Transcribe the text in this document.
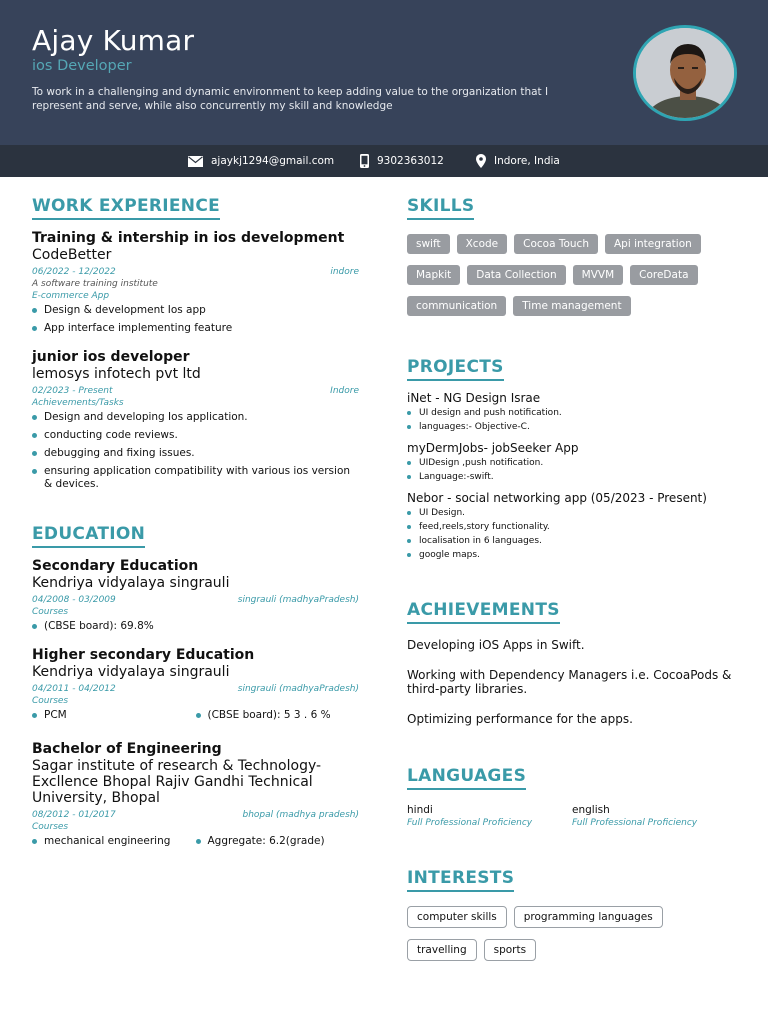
Ajay Kumar
ios Developer
To work in a challenging and dynamic environment to keep adding value to the organization that I represent and serve, while also concurrently my skill and knowledge
ajaykj1294@gmail.com	9302363012	Indore, India
WORK EXPERIENCE
Training & intership in ios development
CodeBetter
06/2022 - 12/2022	indore
A software training institute
E-commerce App
Design & development Ios app
App interface implementing feature
junior ios developer
lemosys infotech pvt ltd
02/2023 - Present	Indore
Achievements/Tasks
Design and developing Ios application.
conducting code reviews.
debugging and fixing issues.
ensuring application compatibility with various ios version & devices.
EDUCATION
Secondary Education
Kendriya vidyalaya singrauli
04/2008 - 03/2009	singrauli (madhyaPradesh)
Courses
(CBSE board): 69.8%
Higher secondary Education
Kendriya vidyalaya singrauli
04/2011 - 04/2012	singrauli (madhyaPradesh)
Courses
PCM	(CBSE board): 5 3 . 6 %
Bachelor of Engineering
Sagar institute of research & Technology-Excllence Bhopal Rajiv Gandhi Technical University, Bhopal
08/2012 - 01/2017	bhopal (madhya pradesh)
Courses
mechanical engineering	Aggregate: 6.2(grade)
SKILLS
swift	Xcode	Cocoa Touch	Api integration
Mapkit	Data Collection	MVVM	CoreData
communication	Time management
PROJECTS
iNet - NG Design Israe
UI design and push notification.
languages:- Objective-C.
myDermJobs- jobSeeker App
UIDesign ,push notification.
Language:-swift.
Nebor - social networking app (05/2023 - Present)
UI Design.
feed,reels,story functionality.
localisation in 6 languages.
google maps.
ACHIEVEMENTS
Developing iOS Apps in Swift.
Working with Dependency Managers i.e. CocoaPods & third-party libraries.
Optimizing performance for the apps.
LANGUAGES
hindi
Full Professional Proficiency
english
Full Professional Proficiency
INTERESTS
computer skills	programming languages
travelling	sports
